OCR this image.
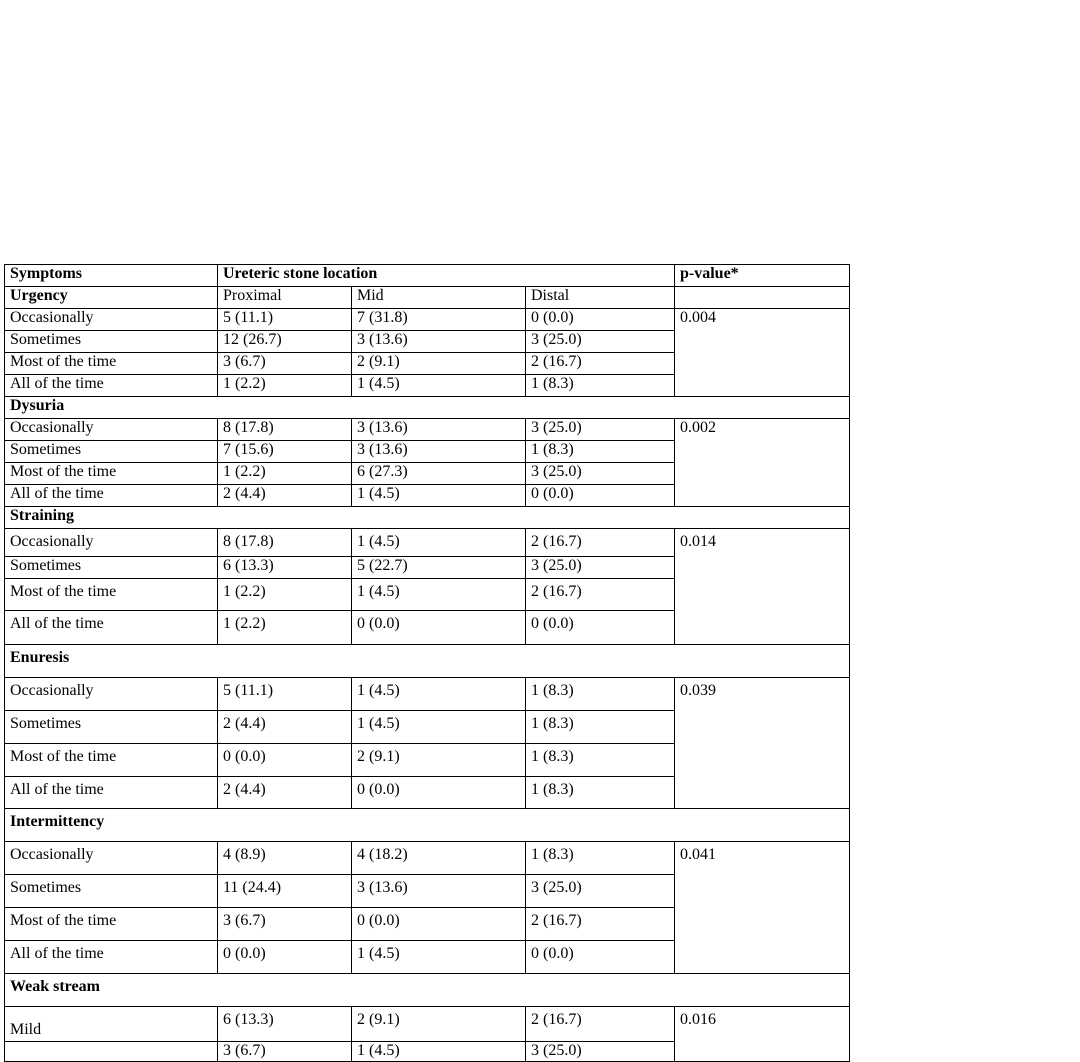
Symptoms	Ureteric stone location			p-value*
Urgency	Proximal	Mid	Distal	
Occasionally	5 (11.1)	7 (31.8)	0 (0.0)	0.004
Sometimes	12 (26.7)	3 (13.6)	3 (25.0)	
Most of the time	3 (6.7)	2 (9.1)	2 (16.7)	
All of the time	1 (2.2)	1 (4.5)	1 (8.3)	
Dysuria				
Occasionally	8 (17.8)	3 (13.6)	3 (25.0)	0.002
Sometimes	7 (15.6)	3 (13.6)	1 (8.3)	
Most of the time	1 (2.2)	6 (27.3)	3 (25.0)	
All of the time	2 (4.4)	1 (4.5)	0 (0.0)	
Straining				
Occasionally	8 (17.8)	1 (4.5)	2 (16.7)	0.014
Sometimes	6 (13.3)	5 (22.7)	3 (25.0)	
Most of the time	1 (2.2)	1 (4.5)	2 (16.7)	
All of the time	1 (2.2)	0 (0.0)	0 (0.0)	
Enuresis				
Occasionally	5 (11.1)	1 (4.5)	1 (8.3)	0.039
Sometimes	2 (4.4)	1 (4.5)	1 (8.3)	
Most of the time	0 (0.0)	2 (9.1)	1 (8.3)	
All of the time	2 (4.4)	0 (0.0)	1 (8.3)	
Intermittency				
Occasionally	4 (8.9)	4 (18.2)	1 (8.3)	0.041
Sometimes	11 (24.4)	3 (13.6)	3 (25.0)	
Most of the time	3 (6.7)	0 (0.0)	2 (16.7)	
All of the time	0 (0.0)	1 (4.5)	0 (0.0)	
Weak stream				
Mild	6 (13.3)	2 (9.1)	2 (16.7)	0.016
	3 (6.7)	1 (4.5)	3 (25.0)	
